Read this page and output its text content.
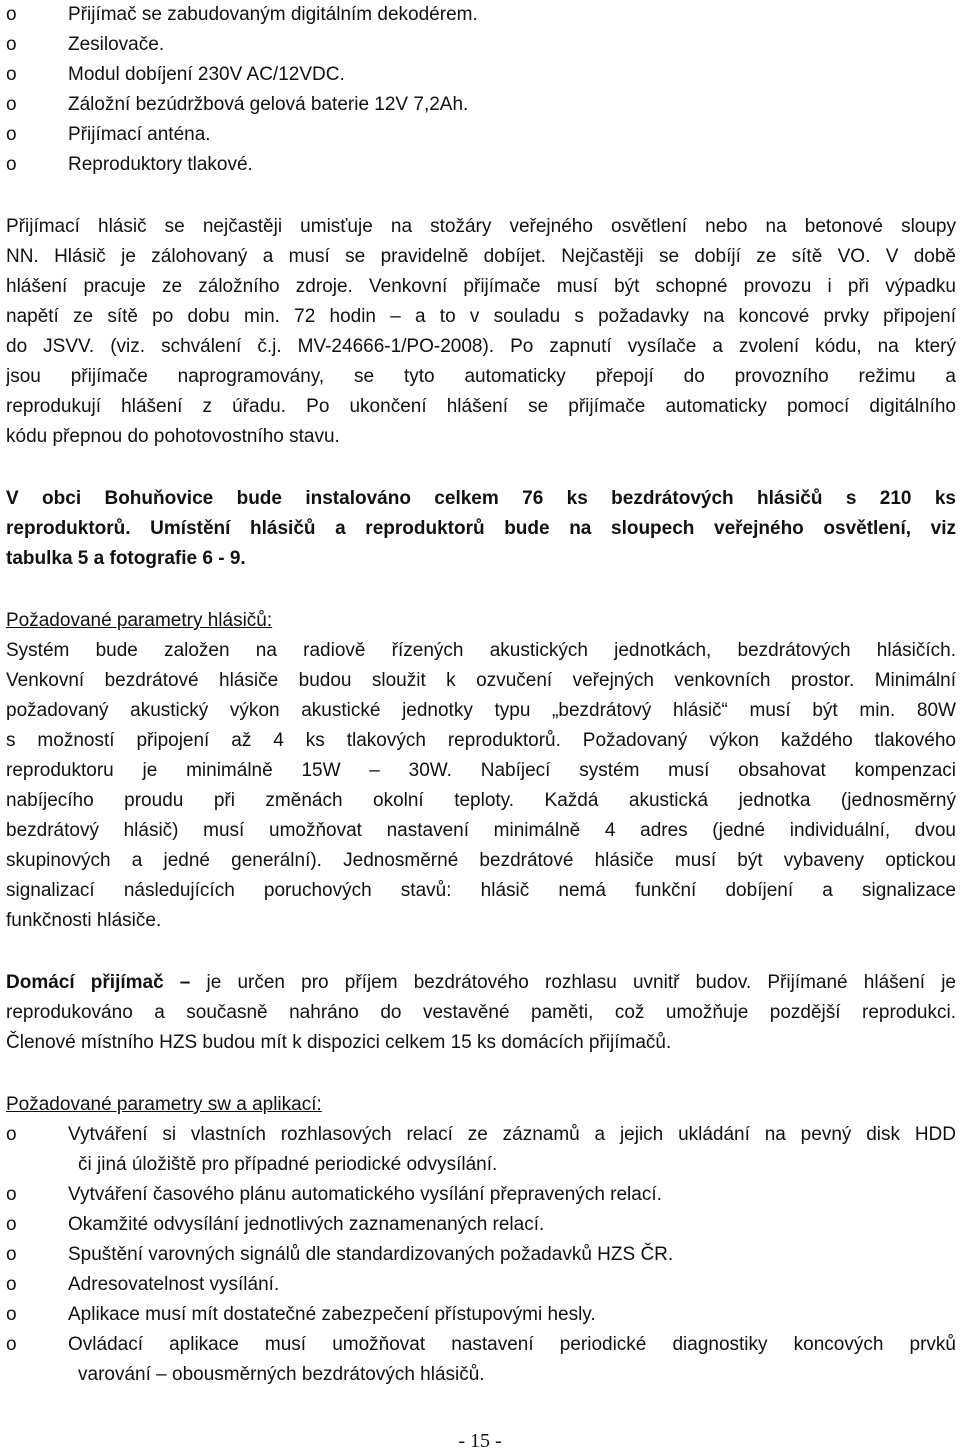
o	Přijímač se zabudovaným digitálním dekodérem.
o	Zesilovače.
o	Modul dobíjení 230V AC/12VDC.
o	Záložní bezúdržbová gelová baterie 12V 7,2Ah.
o	Přijímací anténa.
o	Reproduktory tlakové.
Přijímací hlásič se nejčastěji umisťuje na stožáry veřejného osvětlení nebo na betonové sloupy
NN. Hlásič je zálohovaný a musí se pravidelně dobíjet. Nejčastěji se dobíjí ze sítě VO. V době
hlášení pracuje ze záložního zdroje. Venkovní přijímače musí být schopné provozu i při výpadku
napětí ze sítě po dobu min. 72 hodin – a to v souladu s požadavky na koncové prvky připojení
do JSVV. (viz. schválení č.j. MV-24666-1/PO-2008). Po zapnutí vysílače a zvolení kódu, na který
jsou přijímače naprogramovány, se tyto automaticky přepojí do provozního režimu a
reprodukují hlášení z úřadu. Po ukončení hlášení se přijímače automaticky pomocí digitálního
kódu přepnou do pohotovostního stavu.
V obci Bohuňovice bude instalováno celkem 76 ks bezdrátových hlásičů s 210 ks
reproduktorů. Umístění hlásičů a reproduktorů bude na sloupech veřejného osvětlení, viz
tabulka 5 a fotografie 6 - 9.
Požadované parametry hlásičů:
Systém bude založen na radiově řízených akustických jednotkách, bezdrátových hlásičích.
Venkovní bezdrátové hlásiče budou sloužit k ozvučení veřejných venkovních prostor. Minimální
požadovaný akustický výkon akustické jednotky typu „bezdrátový hlásič“ musí být min. 80W
s možností připojení až 4 ks tlakových reproduktorů. Požadovaný výkon každého tlakového
reproduktoru je minimálně 15W – 30W. Nabíjecí systém musí obsahovat kompenzaci
nabíjecího proudu při změnách okolní teploty. Každá akustická jednotka (jednosměrný
bezdrátový hlásič) musí umožňovat nastavení minimálně 4 adres (jedné individuální, dvou
skupinových a jedné generální). Jednosměrné bezdrátové hlásiče musí být vybaveny optickou
signalizací následujících poruchových stavů: hlásič nemá funkční dobíjení a signalizace
funkčnosti hlásiče.
Domácí přijímač – je určen pro příjem bezdrátového rozhlasu uvnitř budov. Přijímané hlášení je
reprodukováno a současně nahráno do vestavěné paměti, což umožňuje pozdější reprodukci.
Členové místního HZS budou mít k dispozici celkem 15 ks domácích přijímačů.
Požadované parametry sw a aplikací:
o	Vytváření si vlastních rozhlasových relací ze záznamů a jejich ukládání na pevný disk HDD
či jiná úložiště pro případné periodické odvysílání.
o	Vytváření časového plánu automatického vysílání přepravených relací.
o	Okamžité odvysílání jednotlivých zaznamenaných relací.
o	Spuštění varovných signálů dle standardizovaných požadavků HZS ČR.
o	Adresovatelnost vysílání.
o	Aplikace musí mít dostatečné zabezpečení přístupovými hesly.
o	Ovládací aplikace musí umožňovat nastavení periodické diagnostiky koncových prvků
varování – obousměrných bezdrátových hlásičů.
- 15 -
